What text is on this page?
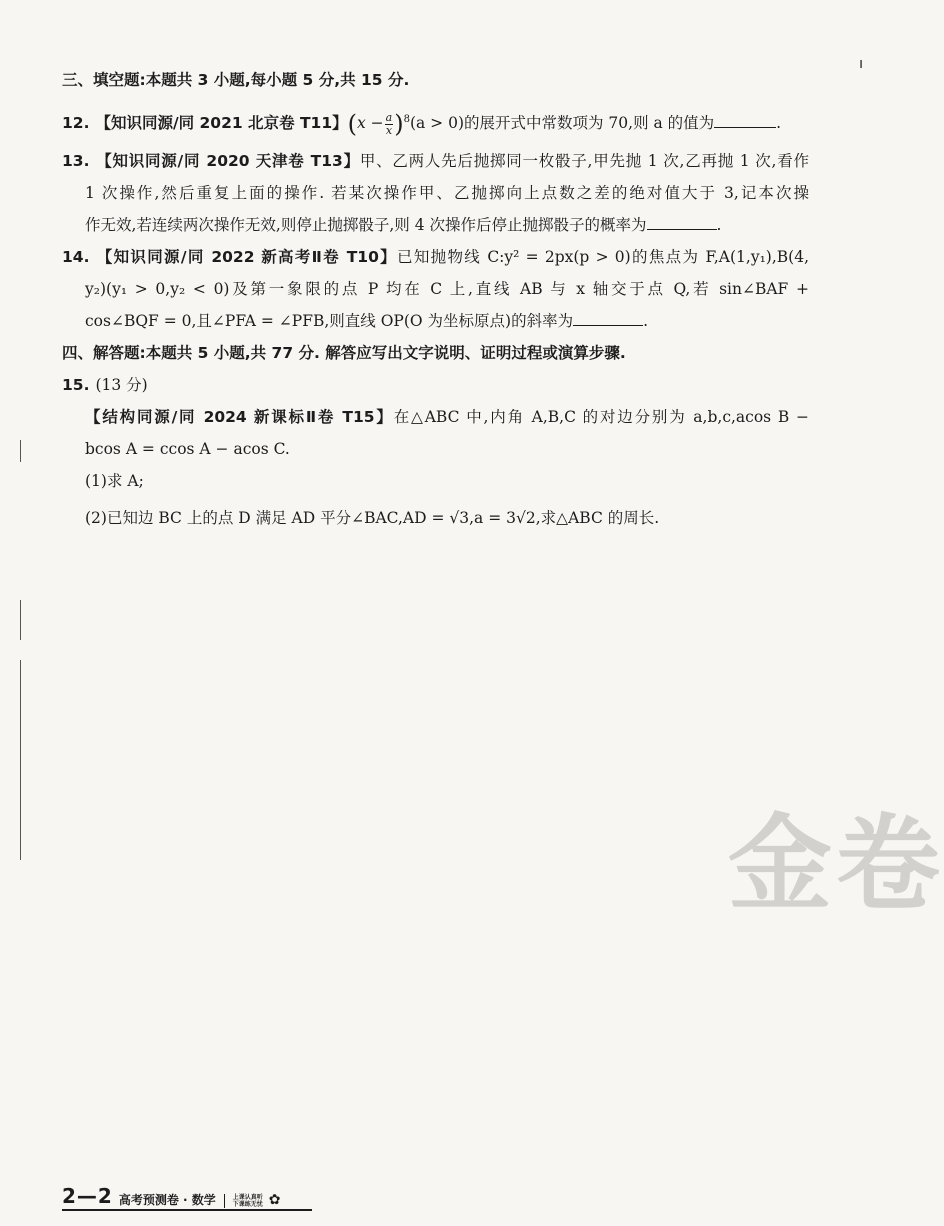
ı
三、填空题:本题共 3 小题,每小题 5 分,共 15 分.
12. 【知识同源/同 2021 北京卷 T11】$(x - \frac{a}{x} )^8(a > 0)$的展开式中常数项为 70,则 a 的值为	.
13. 【知识同源/同 2020 天津卷 T13】甲、乙两人先后抛掷同一枚骰子,甲先抛 1 次,乙再抛 1 次,看作
1 次操作,然后重复上面的操作. 若某次操作甲、乙抛掷向上点数之差的绝对值大于 3,记本次操
作无效,若连续两次操作无效,则停止抛掷骰子,则 4 次操作后停止抛掷骰子的概率为	.
14. 【知识同源/同 2022 新高考Ⅱ卷 T10】已知抛物线 C:y² = 2px(p > 0)的焦点为 F,A(1,y₁),B(4,
y₂)(y₁ > 0,y₂ < 0)及第一象限的点 P 均在 C 上,直线 AB 与 x 轴交于点 Q,若 sin∠BAF +
cos∠BQF = 0,且∠PFA = ∠PFB,则直线 OP(O 为坐标原点)的斜率为	.
四、解答题:本题共 5 小题,共 77 分. 解答应写出文字说明、证明过程或演算步骤.
15. (13 分)
【结构同源/同 2024 新课标Ⅱ卷 T15】在△ABC 中,内角 A,B,C 的对边分别为 a,b,c,acos B −
bcos A = ccos A − acos C.
(1)求 A;
(2)已知边 BC 上的点 D 满足 AD 平分∠BAC,AD = √3,a = 3√2,求△ABC 的周长.
金卷
2—2 高考预测卷 · 数学	上课认真听
下课练无忧 ✿
